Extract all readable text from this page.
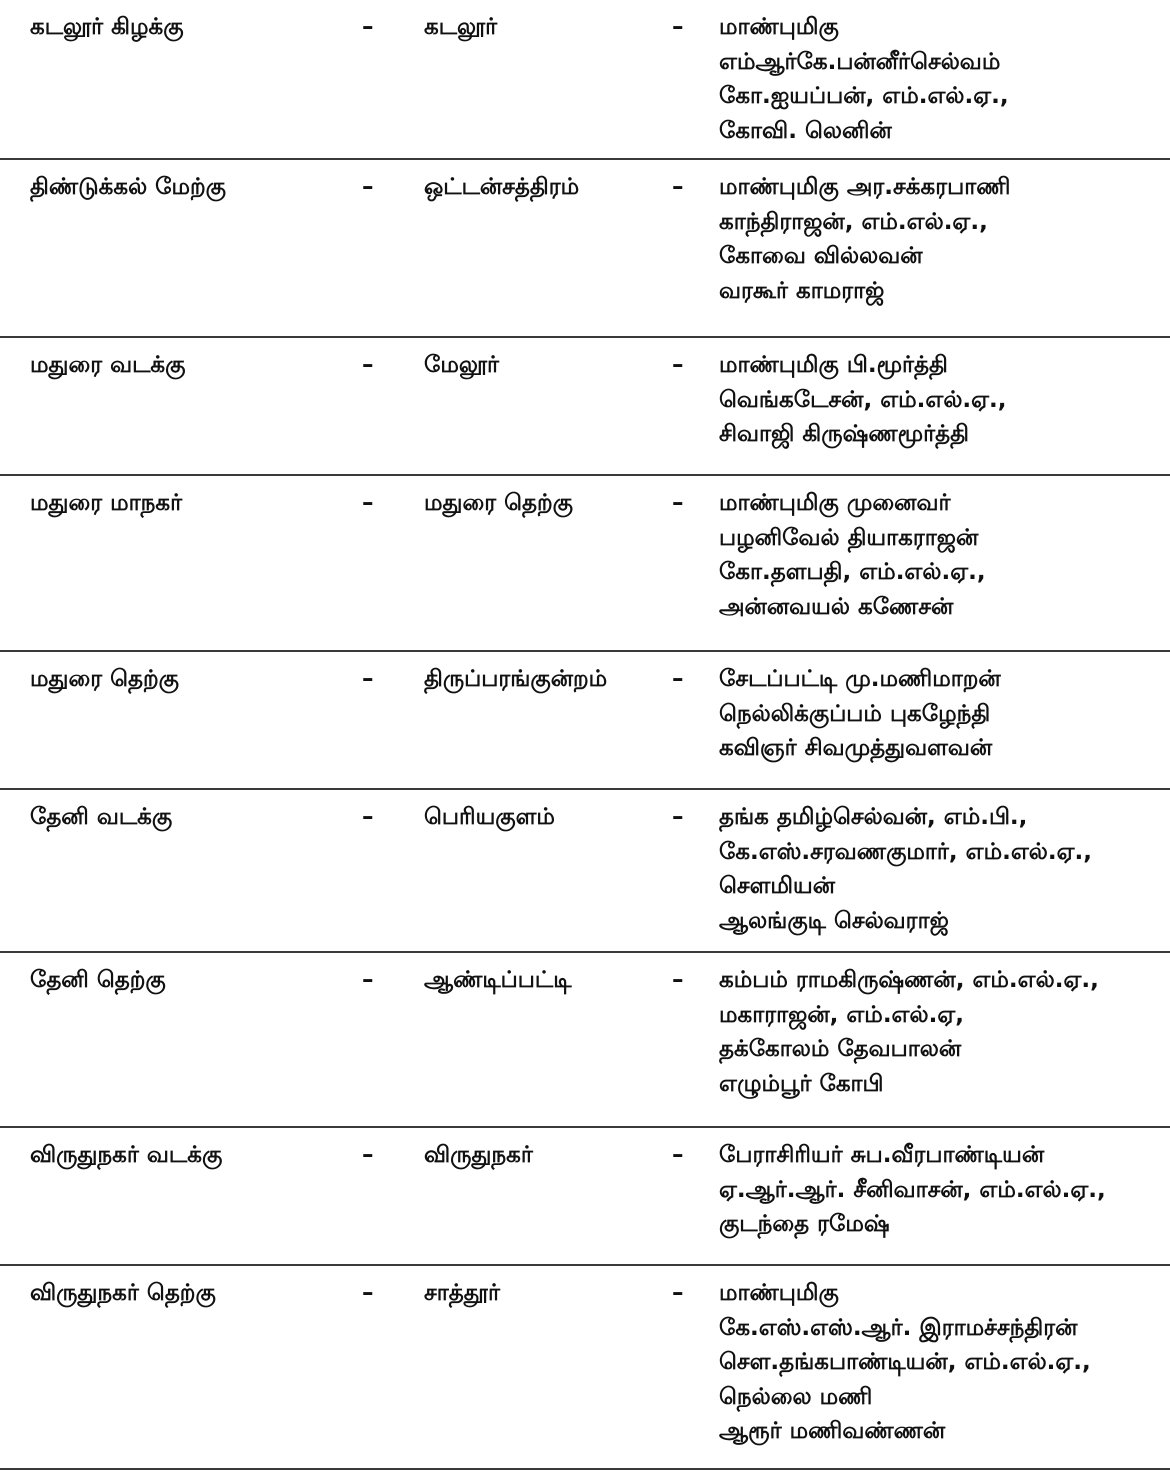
கடலூர் கிழக்கு	– கடலூர்	– மாண்புமிகு
எம்ஆர்கே.பன்னீர்செல்வம்
கோ.ஐயப்பன், எம்.எல்.ஏ.,
கோவி. லெனின்
திண்டுக்கல் மேற்கு	– ஒட்டன்சத்திரம்	– மாண்புமிகு அர.சக்கரபாணி
காந்திராஜன், எம்.எல்.ஏ.,
கோவை வில்லவன்
வரகூர் காமராஜ்
மதுரை வடக்கு	– மேலூர்	– மாண்புமிகு பி.மூர்த்தி
வெங்கடேசன், எம்.எல்.ஏ.,
சிவாஜி கிருஷ்ணமூர்த்தி
மதுரை மாநகர்	– மதுரை தெற்கு	– மாண்புமிகு முனைவர்
பழனிவேல் தியாகராஜன்
கோ.தளபதி, எம்.எல்.ஏ.,
அன்னவயல் கணேசன்
மதுரை தெற்கு	– திருப்பரங்குன்றம்	– சேடப்பட்டி மு.மணிமாறன்
நெல்லிக்குப்பம் புகழேந்தி
கவிஞர் சிவமுத்துவளவன்
தேனி வடக்கு	– பெரியகுளம்	– தங்க தமிழ்செல்வன், எம்.பி.,
கே.எஸ்.சரவணகுமார், எம்.எல்.ஏ.,
சௌமியன்
ஆலங்குடி செல்வராஜ்
தேனி தெற்கு	– ஆண்டிப்பட்டி	– கம்பம் ராமகிருஷ்ணன், எம்.எல்.ஏ.,
மகாராஜன், எம்.எல்.ஏ,
தக்கோலம் தேவபாலன்
எழும்பூர் கோபி
விருதுநகர் வடக்கு	– விருதுநகர்	– பேராசிரியர் சுப.வீரபாண்டியன்
ஏ.ஆர்.ஆர். சீனிவாசன், எம்.எல்.ஏ.,
குடந்தை ரமேஷ்
விருதுநகர் தெற்கு	– சாத்தூர்	– மாண்புமிகு
கே.எஸ்.எஸ்.ஆர். இராமச்சந்திரன்
சௌ.தங்கபாண்டியன், எம்.எல்.ஏ.,
நெல்லை மணி
ஆரூர் மணிவண்ணன்
